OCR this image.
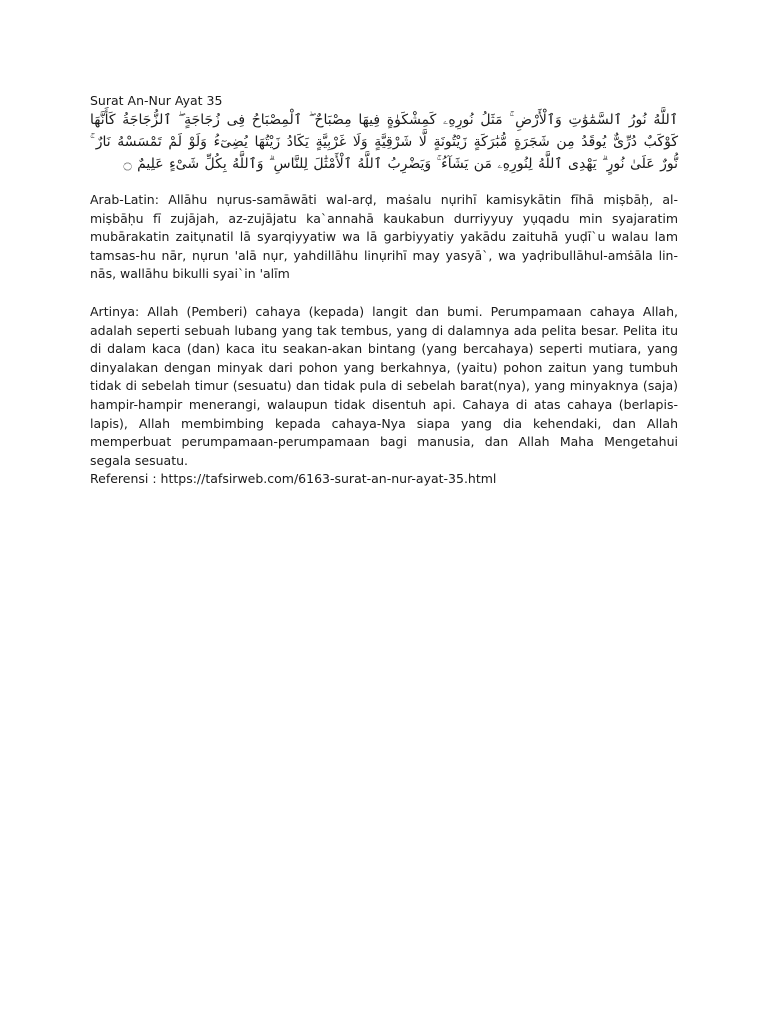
Surat An-Nur Ayat 35

ٱللَّهُ نُورُ ٱلسَّمَٰوَٰتِ وَٱلْأَرْضِ ۚ مَثَلُ نُورِهِۦ كَمِشْكَوٰةٍ فِيهَا مِصْبَاحٌ ۖ ٱلْمِصْبَاحُ فِى زُجَاجَةٍ ۖ ٱلزُّجَاجَةُ كَأَنَّهَا كَوْكَبٌ دُرِّىٌّ يُوقَدُ مِن شَجَرَةٍ مُّبَٰرَكَةٍ زَيْتُونَةٍ لَّا شَرْقِيَّةٍ وَلَا غَرْبِيَّةٍ يَكَادُ زَيْتُهَا يُضِىٓءُ وَلَوْ لَمْ تَمْسَسْهُ نَارٌ ۚ نُّورٌ عَلَىٰ نُورٍ ۗ يَهْدِى ٱللَّهُ لِنُورِهِۦ مَن يَشَآءُ ۚ وَيَضْرِبُ ٱللَّهُ ٱلْأَمْثَٰلَ لِلنَّاسِ ۗ وَٱللَّهُ بِكُلِّ شَىْءٍ عَلِيمٌ ۝

Arab-Latin: Allāhu nụrus-samāwāti wal-arḍ, maṡalu nụrihī kamisykātin fīhā miṣbāḥ, al-miṣbāḥu fī zujājah, az-zujājatu ka`annahā kaukabun durriyyuy yụqadu min syajaratim mubārakatin zaitụnatil lā syarqiyyatiw wa lā garbiyyatiy yakādu zaituhā yuḍī`u walau lam tamsas-hu nār, nụrun 'alā nụr, yahdillāhu linụrihī may yasyā`, wa yaḍribullāhul-amṡāla lin-nās, wallāhu bikulli syai`in 'alīm

Artinya: Allah (Pemberi) cahaya (kepada) langit dan bumi. Perumpamaan cahaya Allah, adalah seperti sebuah lubang yang tak tembus, yang di dalamnya ada pelita besar. Pelita itu di dalam kaca (dan) kaca itu seakan-akan bintang (yang bercahaya) seperti mutiara, yang dinyalakan dengan minyak dari pohon yang berkahnya, (yaitu) pohon zaitun yang tumbuh tidak di sebelah timur (sesuatu) dan tidak pula di sebelah barat(nya), yang minyaknya (saja) hampir-hampir menerangi, walaupun tidak disentuh api. Cahaya di atas cahaya (berlapis-lapis), Allah membimbing kepada cahaya-Nya siapa yang dia kehendaki, dan Allah memperbuat perumpamaan-perumpamaan bagi manusia, dan Allah Maha Mengetahui segala sesuatu.

Referensi : https://tafsirweb.com/6163-surat-an-nur-ayat-35.html
